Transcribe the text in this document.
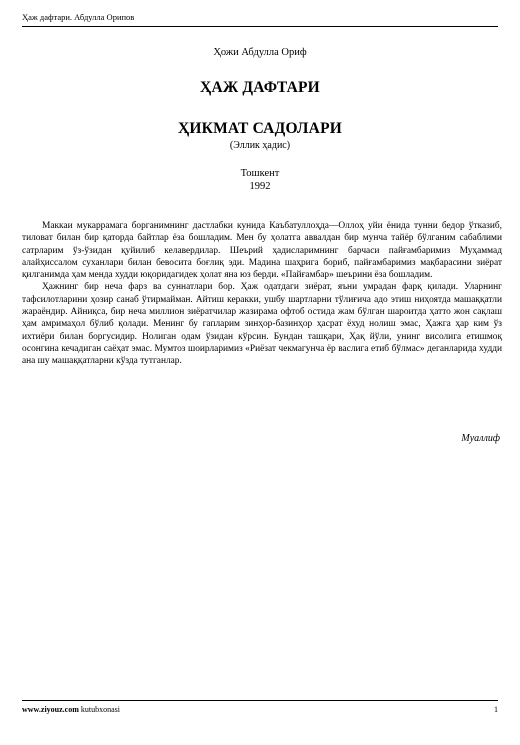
Ҳаж дафтари. Абдулла Орипов
Ҳожи Абдулла Ориф
ҲАЖ ДАФТАРИ
ҲИКМАТ САДОЛАРИ
(Эллик ҳадис)
Тошкент
1992

Маккаи мукаррамага борганимнинг дастлабки кунида Каъбатуллоҳда—Оллоҳ уйи ёнида тунни бедор ўтказиб, тиловат билан бир қаторда байтлар ёза бошладим. Мен бу ҳолатга аввалдан бир мунча тайёр бўлганим сабаблими сатрларим ўз-ўзидан қуйилиб келавердилар. Шеърий ҳадисларимнинг барчаси пайғамбаримиз Муҳаммад алайҳиссалом суханлари билан бевосита боғлиқ эди. Мадина шаҳрига бориб, пайғамбаримиз мақбарасини зиёрат қилганимда ҳам менда худди юқоридагидек ҳолат яна юз берди. «Пайғамбар» шеърини ёза бошладим.

Ҳажнинг бир неча фарз ва суннатлари бор. Ҳаж одатдаги зиёрат, яъни умрадан фарқ қилади. Уларнинг тафсилотларини ҳозир санаб ўтирмайман. Айтиш керакки, ушбу шартларни тўлиғича адо этиш ниҳоятда машаққатли жараёндир. Айниқса, бир неча миллион зиёратчилар жазирама офтоб остида жам бўлган шароитда ҳатто жон сақлаш ҳам амримаҳол бўлиб қолади. Менинг бу гапларим зинҳор-базинҳор ҳасрат ёхуд нолиш эмас, Ҳажга ҳар ким ўз ихтиёри билан боргусидир. Нолиган одам ўзидан кўрсин. Бундан ташқари, Ҳақ йўли, унинг висолига етишмоқ осонгина кечадиган саёҳат эмас. Мумтоз шоирларимиз «Риёзат чекмагунча ёр васлига етиб бўлмас» деганларида худди ана шу машаққатларни кўзда тутганлар.

Муаллиф
www.ziyouz.com kutubxonasi	1
